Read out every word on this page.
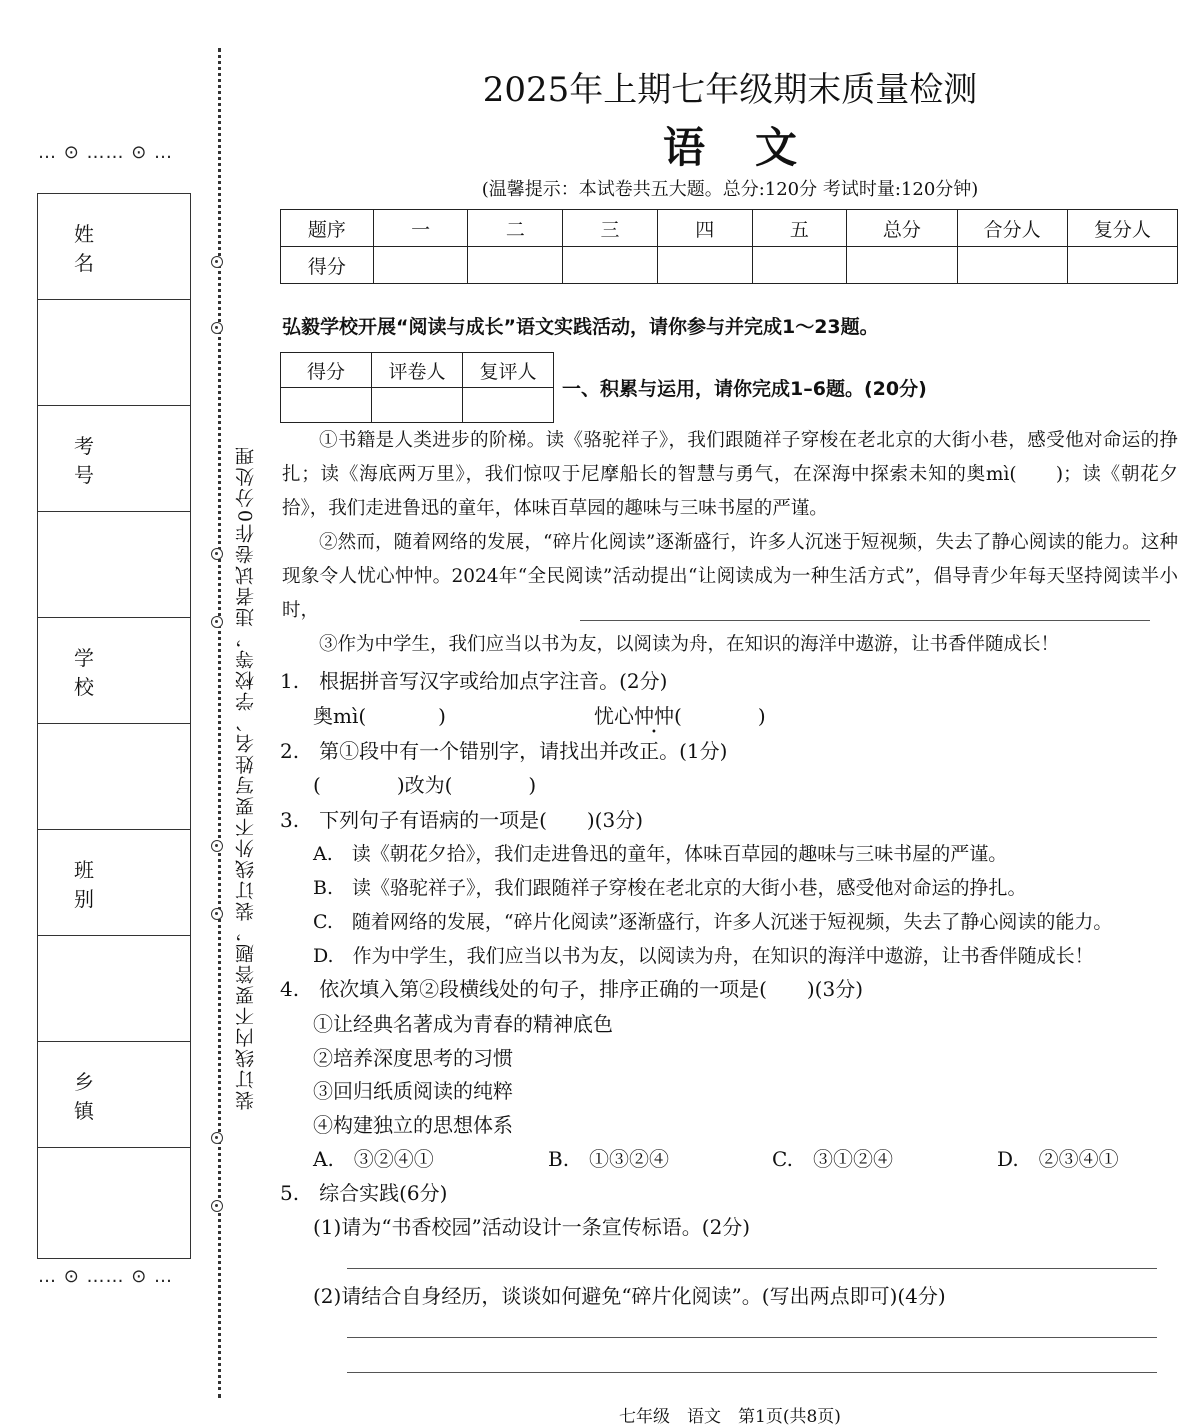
… ⊙ …… ⊙ …
姓　名
考　号
学　校
班　别
乡　镇
… ⊙ …… ⊙ …
装订线内不要答题，装订线外不要写姓名、学校等，违者试卷作0分处理
2025年上期七年级期末质量检测
语文
(温馨提示：本试卷共五大题。总分:120分 考试时量:120分钟)
题序	一	二	三	四	五	总分	合分人	复分人
得分								
弘毅学校开展“阅读与成长”语文实践活动，请你参与并完成1～23题。
得分	评卷人	复评人

一、积累与运用，请你完成1–6题。(20分)
①书籍是人类进步的阶梯。读《骆驼祥子》，我们跟随祥子穿梭在老北京的大街小巷，感受他对命运的挣扎；读《海底两万里》，我们惊叹于尼摩船长的智慧与勇气，在深海中探索未知的奥mì(　　)；读《朝花夕拾》，我们走进鲁迅的童年，体味百草园的趣味与三味书屋的严谨。
②然而，随着网络的发展，“碎片化阅读”逐渐盛行，许多人沉迷于短视频，失去了静心阅读的能力。这种现象令人忧心忡忡。2024年“全民阅读”活动提出“让阅读成为一种生活方式”，倡导青少年每天坚持阅读半小时，
③作为中学生，我们应当以书为友，以阅读为舟，在知识的海洋中遨游，让书香伴随成长！
1.　根据拼音写汉字或给加点字注音。(2分)
奥mì(	)	忧心忡忡(	)
2.　第①段中有一个错别字，请找出并改正。(1分)
(	)改为(	)
3.　下列句子有语病的一项是(　　)(3分)
A.　读《朝花夕拾》，我们走进鲁迅的童年，体味百草园的趣味与三味书屋的严谨。
B.　读《骆驼祥子》，我们跟随祥子穿梭在老北京的大街小巷，感受他对命运的挣扎。
C.　随着网络的发展，“碎片化阅读”逐渐盛行，许多人沉迷于短视频，失去了静心阅读的能力。
D.　作为中学生，我们应当以书为友，以阅读为舟，在知识的海洋中遨游，让书香伴随成长！
4.　依次填入第②段横线处的句子，排序正确的一项是(　　)(3分)
①让经典名著成为青春的精神底色
②培养深度思考的习惯
③回归纸质阅读的纯粹
④构建独立的思想体系
A.　③②④①	B.　①③②④	C.　③①②④	D.　②③④①
5.　综合实践(6分)
(1)请为“书香校园”活动设计一条宣传标语。(2分)
(2)请结合自身经历，谈谈如何避免“碎片化阅读”。(写出两点即可)(4分)
七年级　语文　第1页(共8页)
